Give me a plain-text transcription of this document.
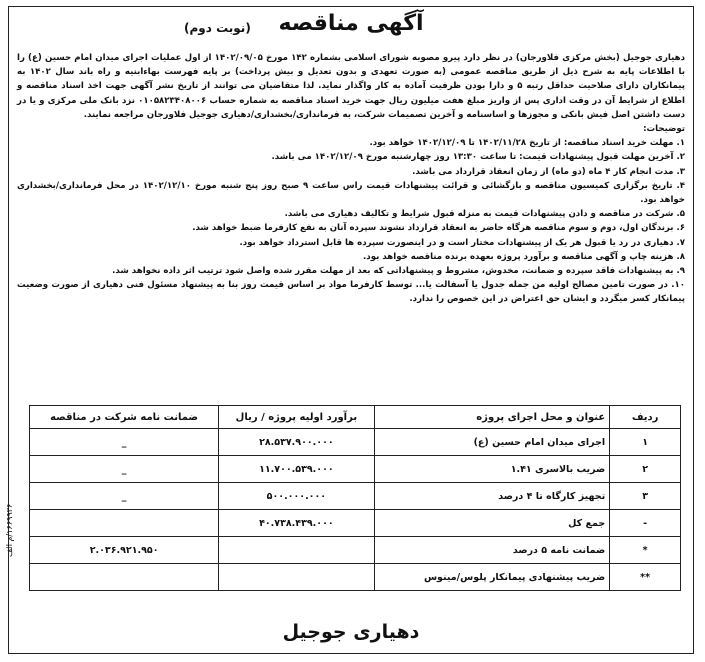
آگهی مناقصه
(نوبت دوم)

دهیاری جوجیل (بخش مرکزی فلاورجان) در نظر دارد پیرو مصوبه شورای اسلامی بشماره ۱۴۲ مورخ ۱۴۰۲/۰۹/۰۵ از اول عملیات اجرای میدان امام حسین (ع) را با اطلاعات پایه به شرح ذیل از طریق مناقصه عمومی (به صورت تعهدی و بدون تعدیل و بیش پرداخت) بر پایه فهرست بهاءابنیه و راه باند سال ۱۴۰۲ به پیمانکاران دارای صلاحیت حداقل رتبه ۵ و دارا بودن ظرفیت آماده به کار واگذار نماید. لذا متقاضیان می توانند از تاریخ نشر آگهی جهت اخذ اسناد مناقصه و اطلاع از شرایط آن در وقت اداری پس از واریز مبلغ هفت میلیون ریال جهت خرید اسناد مناقصه به شماره حساب ۰۱۰۵۸۲۳۴۰۸۰۰۶ نزد بانک ملی مرکزی و یا در دست داشتن اصل فیش بانکی و مجوزها و اساسنامه و آخرین تصمیمات شرکت، به فرمانداری/بخشداری/دهیاری جوجیل فلاورجان مراجعه نمایند.

توضیحات:

۱. مهلت خرید اسناد مناقصه: از تاریخ ۱۴۰۲/۱۱/۲۸ تا ۱۴۰۲/۱۲/۰۹ خواهد بود.
۲. آخرین مهلت قبول پیشنهادات قیمت: تا ساعت ۱۳:۳۰ روز چهارشنبه مورخ ۱۴۰۲/۱۲/۰۹ می باشد.
۳. مدت انجام کار ۴ ماه (دو ماه) از زمان انعقاد قرارداد می باشد.
۴. تاریخ برگزاری کمیسیون مناقصه و بازگشائی و قرائت پیشنهادات قیمت راس ساعت ۹ صبح روز پنج شنبه مورخ ۱۴۰۲/۱۲/۱۰ در محل فرمانداری/بخشداری خواهد بود.
۵. شرکت در مناقصه و دادن پیشنهادات قیمت به منزله قبول شرایط و تکالیف دهیاری می باشد.
۶. برندگان اول، دوم و سوم مناقصه هرگاه حاضر به انعقاد قرارداد نشوند سپرده آنان به نفع کارفرما ضبط خواهد شد.
۷. دهیاری در رد یا قبول هر یک از پیشنهادات مختار است و در اینصورت سپرده ها قابل استرداد خواهد بود.
۸. هزینه چاپ و آگهی مناقصه و برآورد پروژه بعهده برنده مناقصه خواهد بود.
۹. به پیشنهادات فاقد سپرده و ضمانت، مخدوش، مشروط و پیشنهاداتی که بعد از مهلت مقرر شده واصل شود ترتیب اثر داده نخواهد شد.
۱۰. در صورت تامین مصالح اولیه من جمله جدول یا آسفالت یا... توسط کارفرما مواد بر اساس قیمت روز بنا به پیشنهاد مسئول فنی دهیاری از صورت وضعیت پیمانکار کسر میگردد و ایشان حق اعتراض در این خصوص را ندارد.
ردیف	عنوان و محل اجرای پروژه	برآورد اولیه پروژه / ریال	ضمانت نامه شرکت در مناقصه
۱	اجرای میدان امام حسین (ع)	۲۸.۵۳۷.۹۰۰.۰۰۰	_
۲	ضریب بالاسری ۱.۴۱	۱۱.۷۰۰.۵۳۹.۰۰۰	_
۳	تجهیز کارگاه تا ۴ درصد	۵۰۰.۰۰۰.۰۰۰	_
-	جمع کل	۴۰.۷۳۸.۴۳۹.۰۰۰	
*	ضمانت نامه ۵ درصد		۲.۰۳۶.۹۲۱.۹۵۰
**	ضریب پیشنهادی پیمانکار پلوس/مینوس		
۱۶۶۹۹۳۶/م الف
دهیاری جوجیل
